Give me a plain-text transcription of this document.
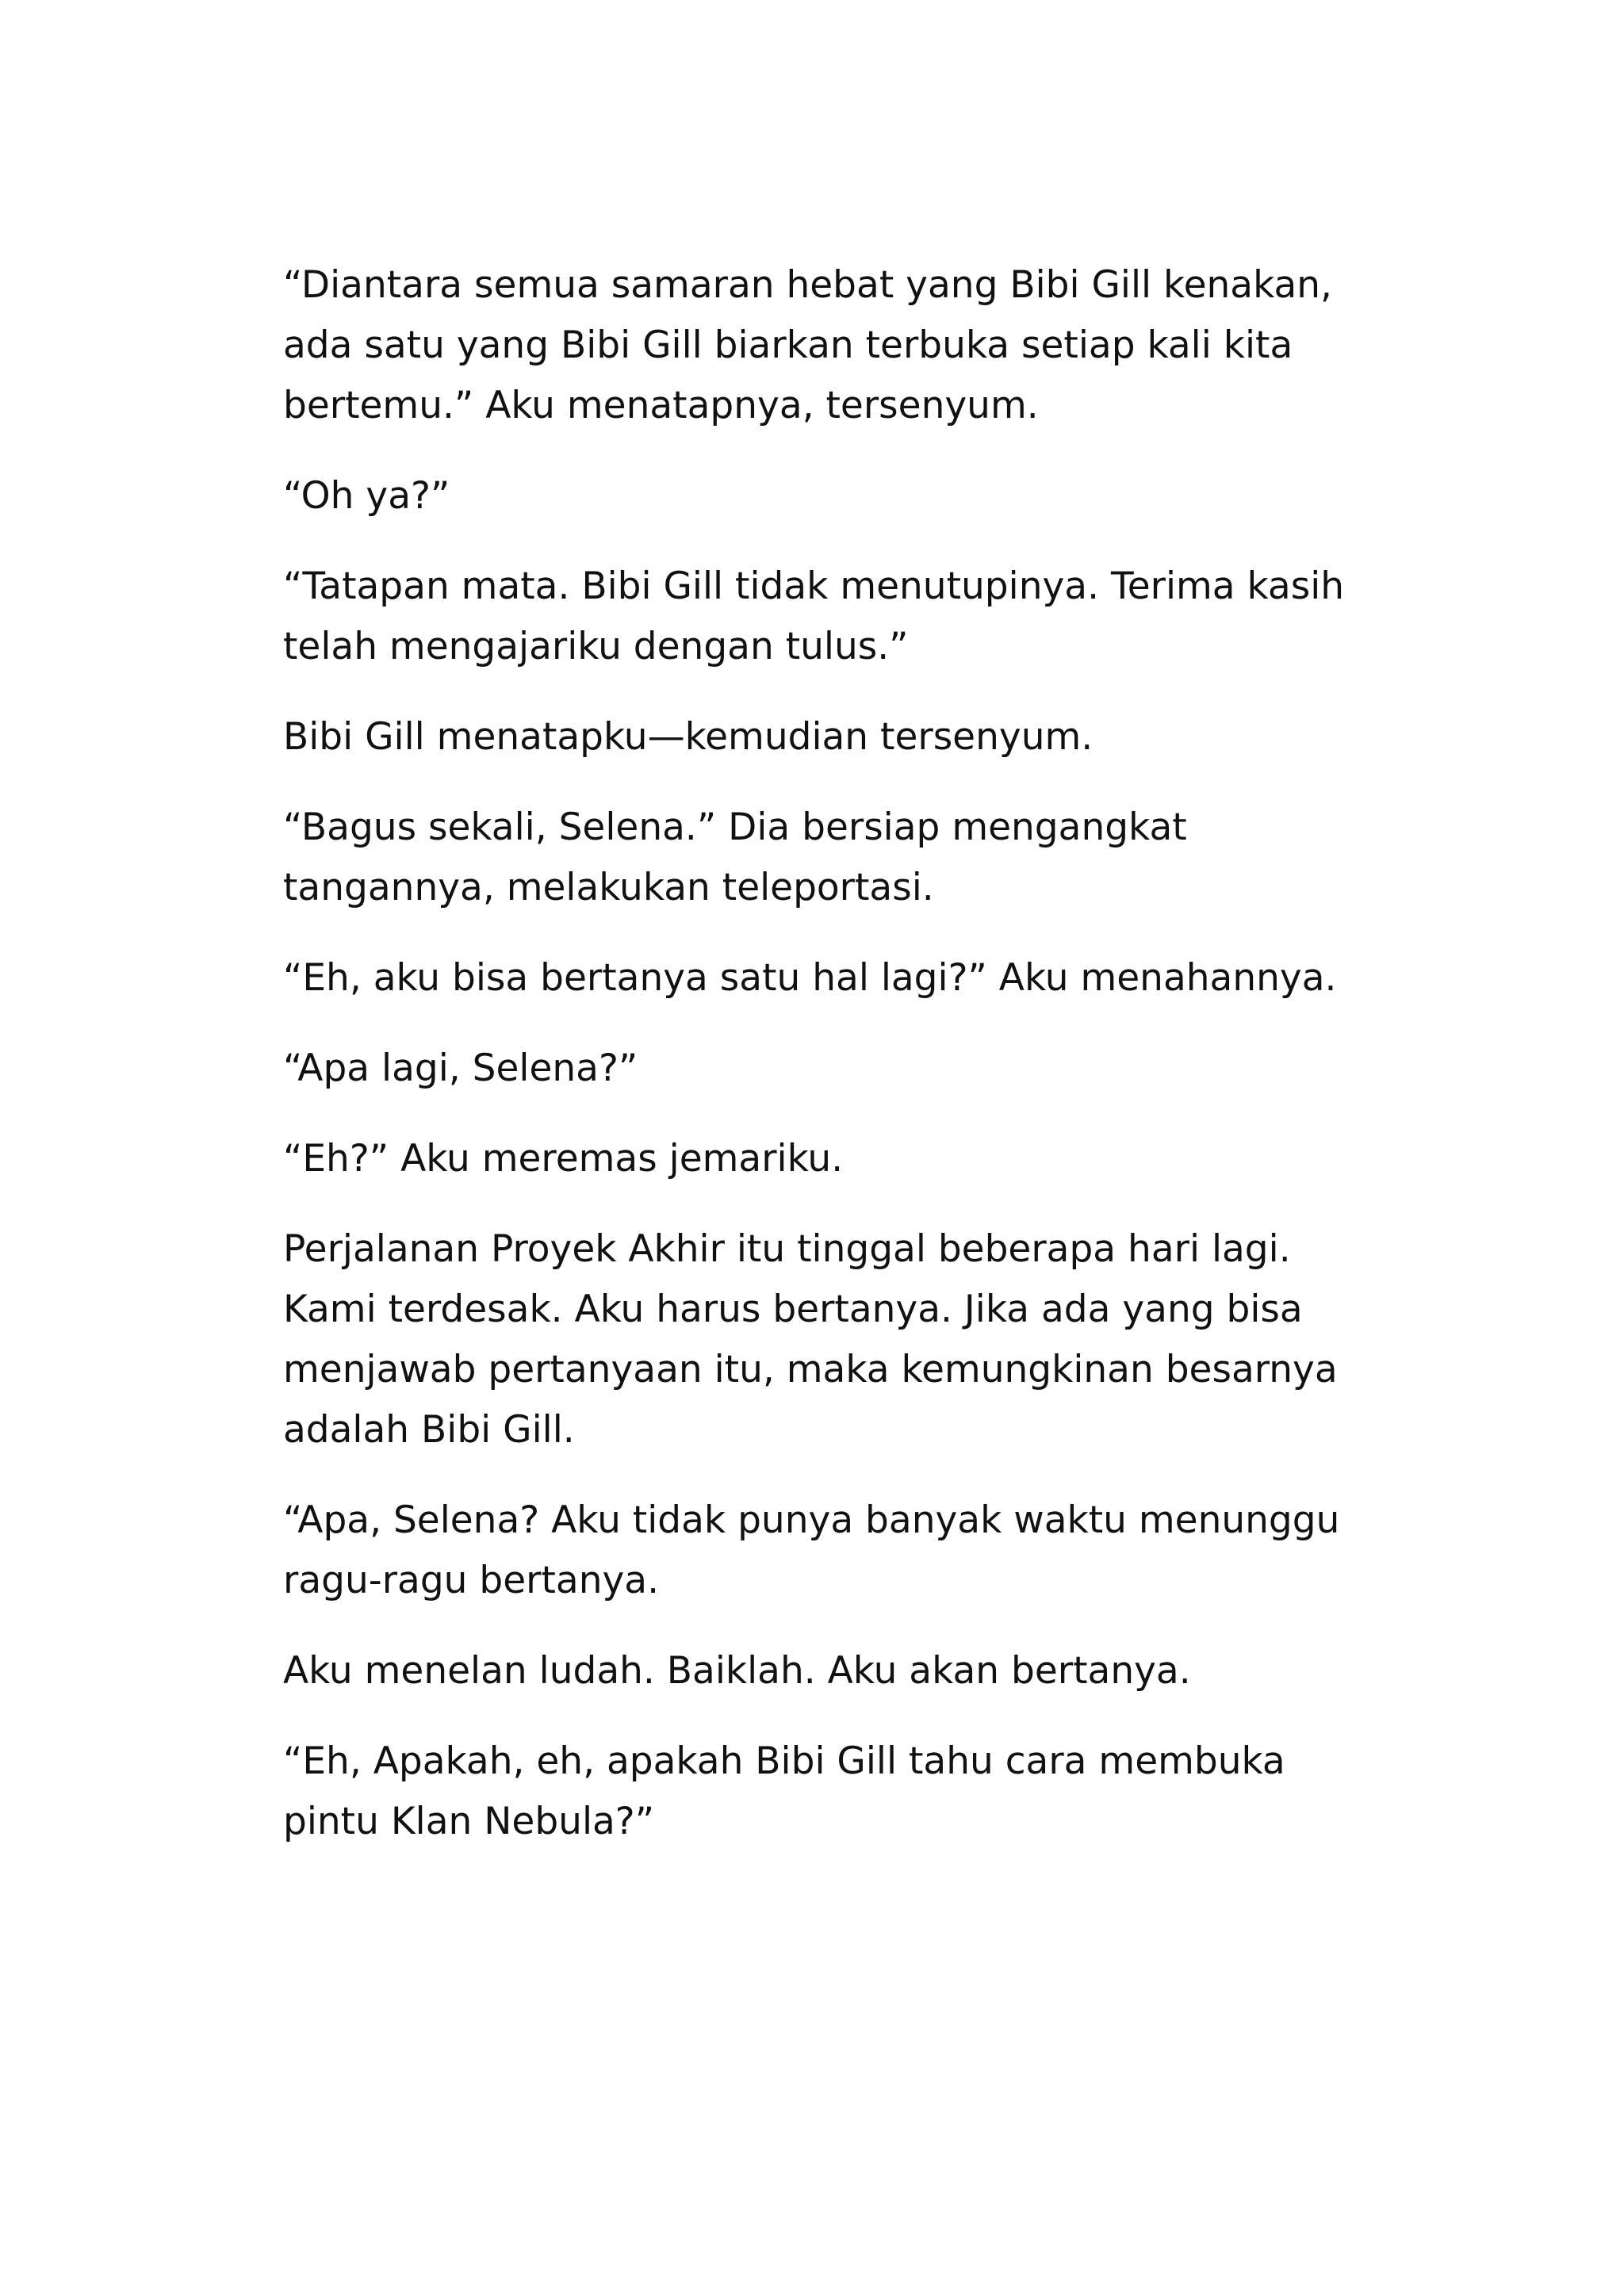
“Diantara semua samaran hebat yang Bibi Gill kenakan, ada satu yang Bibi Gill biarkan terbuka setiap kali kita bertemu.” Aku menatapnya, tersenyum.

“Oh ya?”

“Tatapan mata. Bibi Gill tidak menutupinya. Terima kasih telah mengajariku dengan tulus.”

Bibi Gill menatapku—kemudian tersenyum.

“Bagus sekali, Selena.” Dia bersiap mengangkat tangannya, melakukan teleportasi.

“Eh, aku bisa bertanya satu hal lagi?” Aku menahannya.

“Apa lagi, Selena?”

“Eh?” Aku meremas jemariku.

Perjalanan Proyek Akhir itu tinggal beberapa hari lagi. Kami terdesak. Aku harus bertanya. Jika ada yang bisa menjawab pertanyaan itu, maka kemungkinan besarnya adalah Bibi Gill.

“Apa, Selena? Aku tidak punya banyak waktu menunggu ragu-ragu bertanya.

Aku menelan ludah. Baiklah. Aku akan bertanya.

“Eh, Apakah, eh, apakah Bibi Gill tahu cara membuka pintu Klan Nebula?”
